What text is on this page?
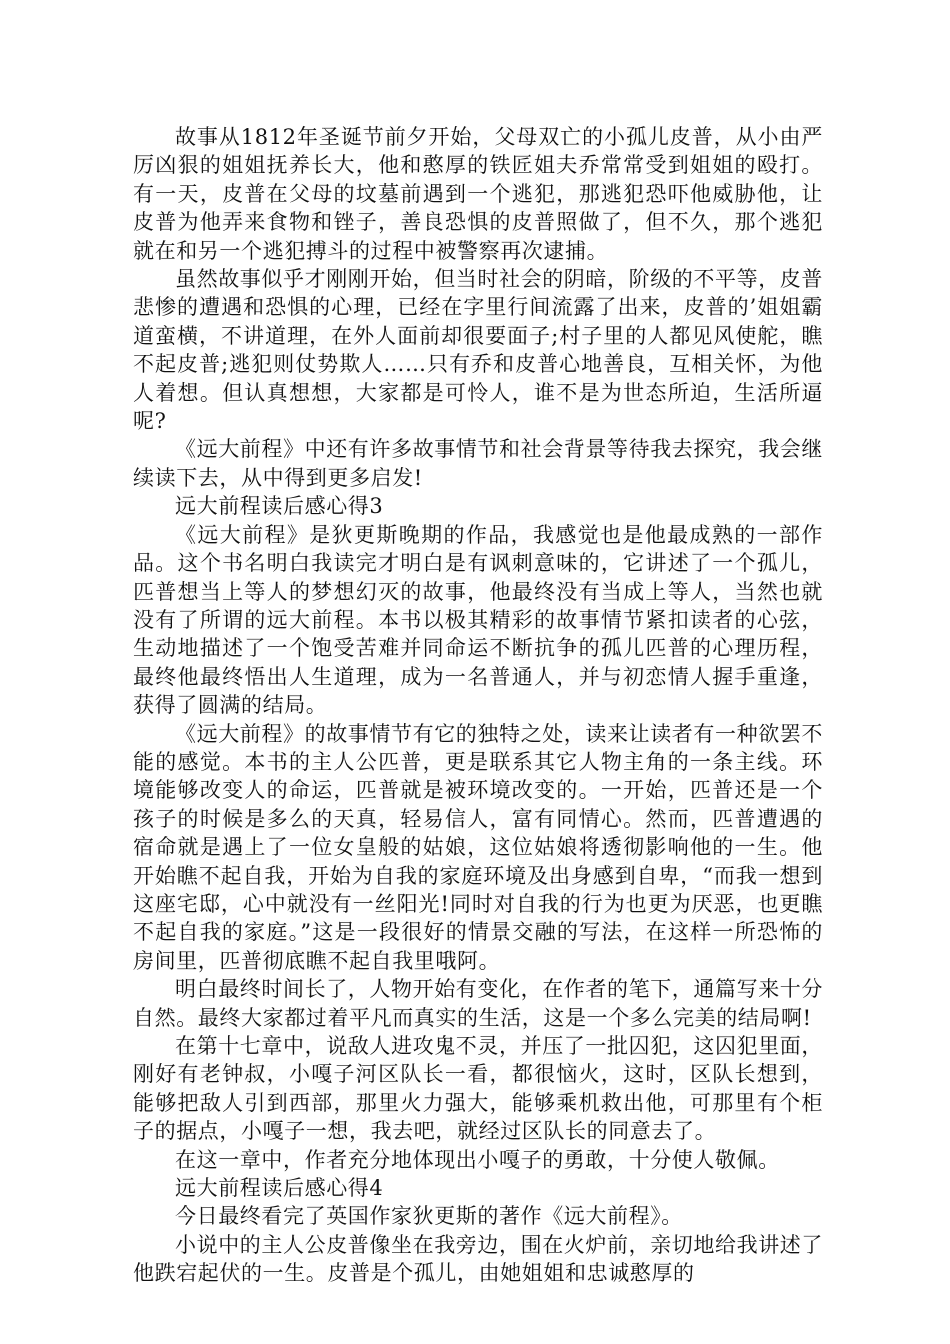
故事从1812年圣诞节前夕开始，父母双亡的小孤儿皮普，从小由严厉凶狠的姐姐抚养长大，他和憨厚的铁匠姐夫乔常常受到姐姐的殴打。有一天，皮普在父母的坟墓前遇到一个逃犯，那逃犯恐吓他威胁他，让皮普为他弄来食物和锉子，善良恐惧的皮普照做了，但不久，那个逃犯就在和另一个逃犯搏斗的过程中被警察再次逮捕。

虽然故事似乎才刚刚开始，但当时社会的阴暗，阶级的不平等，皮普悲惨的遭遇和恐惧的心理，已经在字里行间流露了出来，皮普的’姐姐霸道蛮横，不讲道理，在外人面前却很要面子;村子里的人都见风使舵，瞧不起皮普;逃犯则仗势欺人……只有乔和皮普心地善良，互相关怀，为他人着想。但认真想想，大家都是可怜人，谁不是为世态所迫，生活所逼呢?

《远大前程》中还有许多故事情节和社会背景等待我去探究，我会继续读下去，从中得到更多启发!

远大前程读后感心得3

《远大前程》是狄更斯晚期的作品，我感觉也是他最成熟的一部作品。这个书名明白我读完才明白是有讽刺意味的，它讲述了一个孤儿，匹普想当上等人的梦想幻灭的故事，他最终没有当成上等人，当然也就没有了所谓的远大前程。本书以极其精彩的故事情节紧扣读者的心弦，生动地描述了一个饱受苦难并同命运不断抗争的孤儿匹普的心理历程，最终他最终悟出人生道理，成为一名普通人，并与初恋情人握手重逢，获得了圆满的结局。

《远大前程》的故事情节有它的独特之处，读来让读者有一种欲罢不能的感觉。本书的主人公匹普，更是联系其它人物主角的一条主线。环境能够改变人的命运，匹普就是被环境改变的。一开始，匹普还是一个孩子的时候是多么的天真，轻易信人，富有同情心。然而，匹普遭遇的宿命就是遇上了一位女皇般的姑娘，这位姑娘将透彻影响他的一生。他开始瞧不起自我，开始为自我的家庭环境及出身感到自卑，“而我一想到这座宅邸，心中就没有一丝阳光!同时对自我的行为也更为厌恶，也更瞧不起自我的家庭。”这是一段很好的情景交融的写法，在这样一所恐怖的房间里，匹普彻底瞧不起自我里哦阿。

明白最终时间长了，人物开始有变化，在作者的笔下，通篇写来十分自然。最终大家都过着平凡而真实的生活，这是一个多么完美的结局啊!

在第十七章中，说敌人进攻鬼不灵，并压了一批囚犯，这囚犯里面，刚好有老钟叔，小嘎子河区队长一看，都很恼火，这时，区队长想到，能够把敌人引到西部，那里火力强大，能够乘机救出他，可那里有个柜子的据点，小嘎子一想，我去吧，就经过区队长的同意去了。

在这一章中，作者充分地体现出小嘎子的勇敢，十分使人敬佩。

远大前程读后感心得4

今日最终看完了英国作家狄更斯的著作《远大前程》。

小说中的主人公皮普像坐在我旁边，围在火炉前，亲切地给我讲述了他跌宕起伏的一生。皮普是个孤儿，由她姐姐和忠诚憨厚的
